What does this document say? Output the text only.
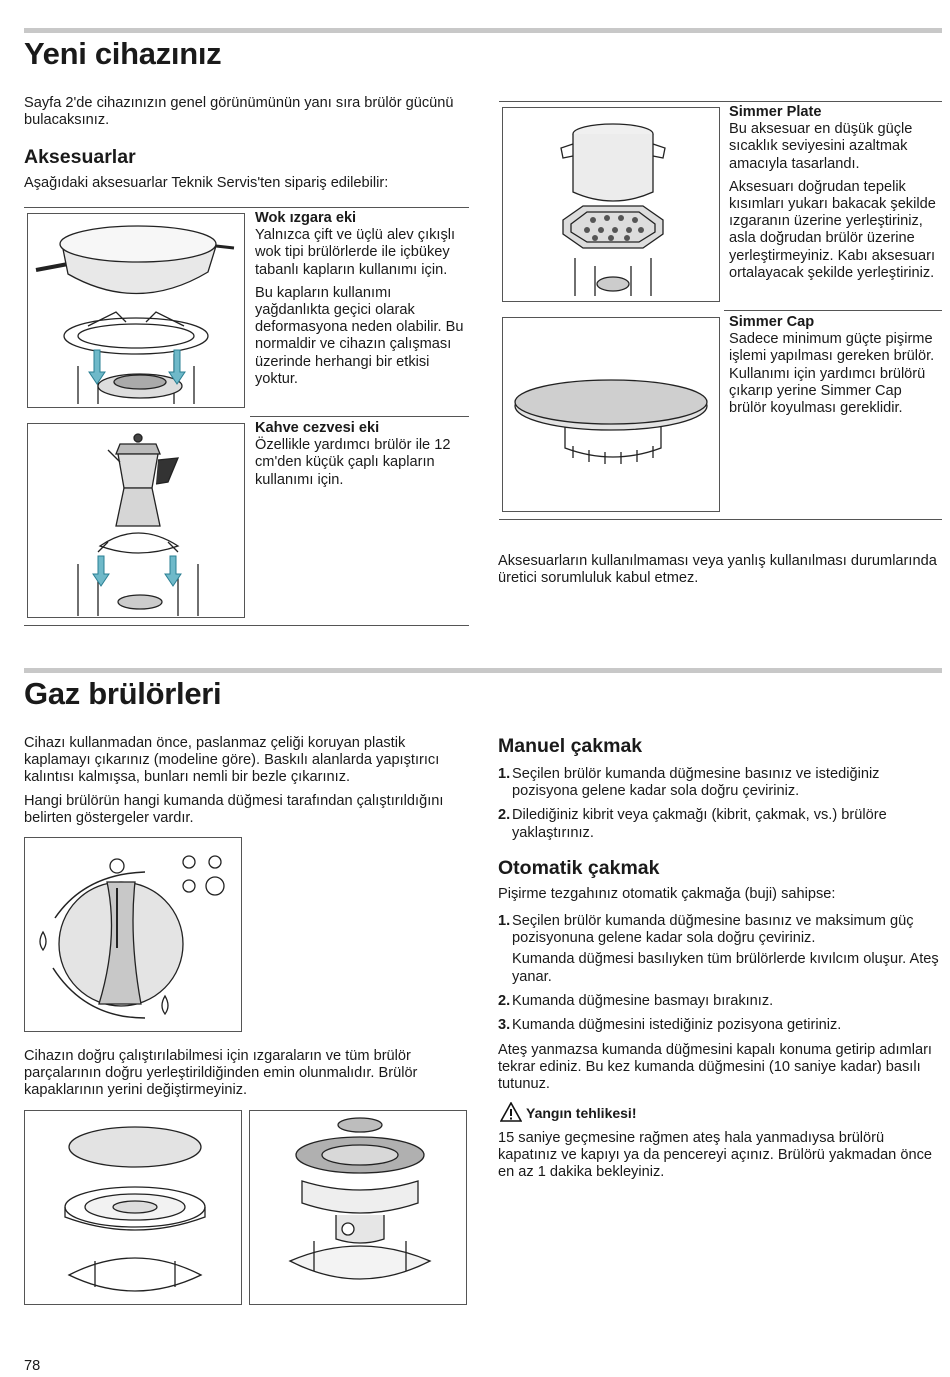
Yeni cihazınız

Sayfa 2'de cihazınızın genel görünümünün yanı sıra brülör gücünü bulacaksınız.

Aksesuarlar

Aşağıdaki aksesuarlar Teknik Servis'ten sipariş edilebilir:

Wok ızgara eki

Yalnızca çift ve üçlü alev çıkışlı wok tipi brülörlerde ile içbükey tabanlı kapların kullanımı için.

Bu kapların kullanımı yağdanlıkta geçici olarak deformasyona neden olabilir. Bu normaldir ve cihazın çalışması üzerinde herhangi bir etkisi yoktur.

Kahve cezvesi eki

Özellikle yardımcı brülör ile 12 cm'den küçük çaplı kapların kullanımı için.

Simmer Plate

Bu aksesuar en düşük güçle sıcaklık seviyesini azaltmak amacıyla tasarlandı.

Aksesuarı doğrudan tepelik kısımları yukarı bakacak şekilde ızgaranın üzerine yerleştiriniz, asla doğrudan brülör üzerine yerleştirmeyiniz. Kabı aksesuarı ortalayacak şekilde yerleştiriniz.

Simmer Cap

Sadece minimum güçte pişirme işlemi yapılması gereken brülör. Kullanımı için yardımcı brülörü çıkarıp yerine Simmer Cap brülör koyulması gereklidir.

Aksesuarların kullanılmaması veya yanlış kullanılması durumlarında üretici sorumluluk kabul etmez.

Gaz brülörleri

Cihazı kullanmadan önce, paslanmaz çeliği koruyan plastik kaplamayı çıkarınız (modeline göre). Baskılı alanlarda yapıştırıcı kalıntısı kalmışsa, bunları nemli bir bezle çıkarınız.

Hangi brülörün hangi kumanda düğmesi tarafından çalıştırıldığını belirten göstergeler vardır.

Cihazın doğru çalıştırılabilmesi için ızgaraların ve tüm brülör parçalarının doğru yerleştirildiğinden emin olunmalıdır. Brülör kapaklarının yerini değiştirmeyiniz.

Manuel çakmak
1. Seçilen brülör kumanda düğmesine basınız ve istediğiniz pozisyona gelene kadar sola doğru çeviriniz.
2. Dilediğiniz kibrit veya çakmağı (kibrit, çakmak, vs.) brülöre yaklaştırınız.
Otomatik çakmak

Pişirme tezgahınız otomatik çakmağa (buji) sahipse:

1. Seçilen brülör kumanda düğmesine basınız ve maksimum güç pozisyonuna gelene kadar sola doğru çeviriniz.

Kumanda düğmesi basılıyken tüm brülörlerde kıvılcım oluşur. Ateş yanar.

2. Kumanda düğmesine basmayı bırakınız.
3. Kumanda düğmesini istediğiniz pozisyona getiriniz.

Ateş yanmazsa kumanda düğmesini kapalı konuma getirip adımları tekrar ediniz. Bu kez kumanda düğmesini (10 saniye kadar) basılı tutunuz.

Yangın tehlikesi!

15 saniye geçmesine rağmen ateş hala yanmadıysa brülörü kapatınız ve kapıyı ya da pencereyi açınız. Brülörü yakmadan önce en az 1 dakika bekleyiniz.

78
